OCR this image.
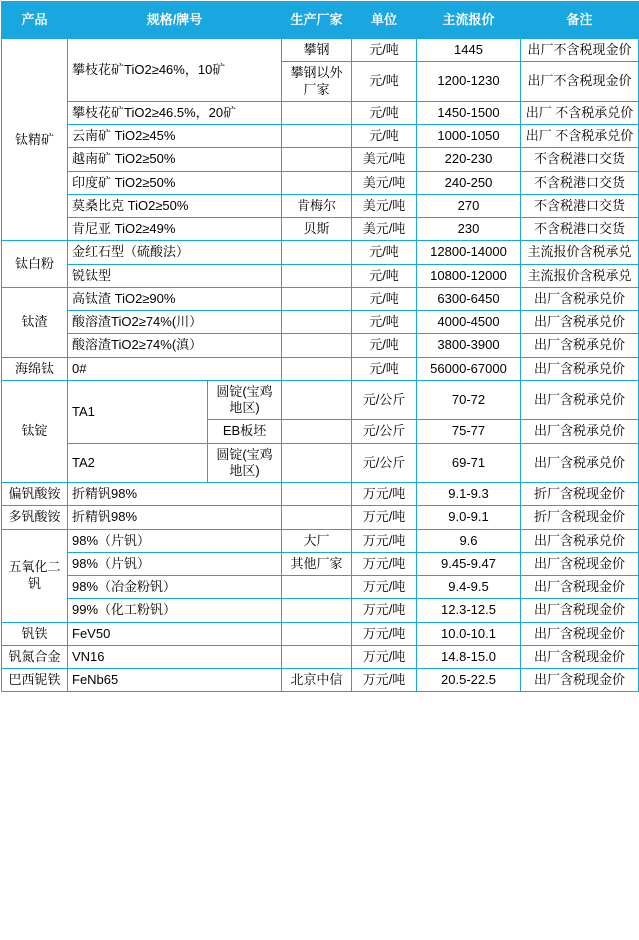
产品	规格/牌号		生产厂家	单位	主流报价	备注
钛精矿	攀枝花矿TiO2≥46%，10矿		攀钢	元/吨	1445	出厂不含税现金价
			攀钢以外厂家	元/吨	1200-1230	出厂不含税现金价
	攀枝花矿TiO2≥46.5%，20矿			元/吨	1450-1500	出厂 不含税承兑价
	云南矿 TiO2≥45%			元/吨	1000-1050	出厂 不含税承兑价
	越南矿 TiO2≥50%			美元/吨	220-230	不含税港口交货
	印度矿 TiO2≥50%			美元/吨	240-250	不含税港口交货
	莫桑比克 TiO2≥50%		肯梅尔	美元/吨	270	不含税港口交货
	肯尼亚 TiO2≥49%		贝斯	美元/吨	230	不含税港口交货
钛白粉	金红石型（硫酸法）			元/吨	12800-14000	主流报价含税承兑
	锐钛型			元/吨	10800-12000	主流报价含税承兑
钛渣	高钛渣 TiO2≥90%			元/吨	6300-6450	出厂含税承兑价
	酸溶渣TiO2≥74%(川）			元/吨	4000-4500	出厂含税承兑价
	酸溶渣TiO2≥74%(滇）			元/吨	3800-3900	出厂含税承兑价
海绵钛	0#			元/吨	56000-67000	出厂含税承兑价
钛锭	TA1	圆锭(宝鸡地区)		元/公斤	70-72	出厂含税承兑价
		EB板坯		元/公斤	75-77	出厂含税承兑价
	TA2	圆锭(宝鸡地区)		元/公斤	69-71	出厂含税承兑价
偏钒酸铵	折精钒98%			万元/吨	9.1-9.3	折厂含税现金价
多钒酸铵	折精钒98%			万元/吨	9.0-9.1	折厂含税现金价
五氧化二钒	98%（片钒）		大厂	万元/吨	9.6	出厂含税承兑价
	98%（片钒）		其他厂家	万元/吨	9.45-9.47	出厂含税现金价
	98%（冶金粉钒）			万元/吨	9.4-9.5	出厂含税现金价
	99%（化工粉钒）			万元/吨	12.3-12.5	出厂含税现金价
钒铁	FeV50			万元/吨	10.0-10.1	出厂含税现金价
钒氮合金	VN16			万元/吨	14.8-15.0	出厂含税现金价
巴西铌铁	FeNb65		北京中信	万元/吨	20.5-22.5	出厂含税现金价
